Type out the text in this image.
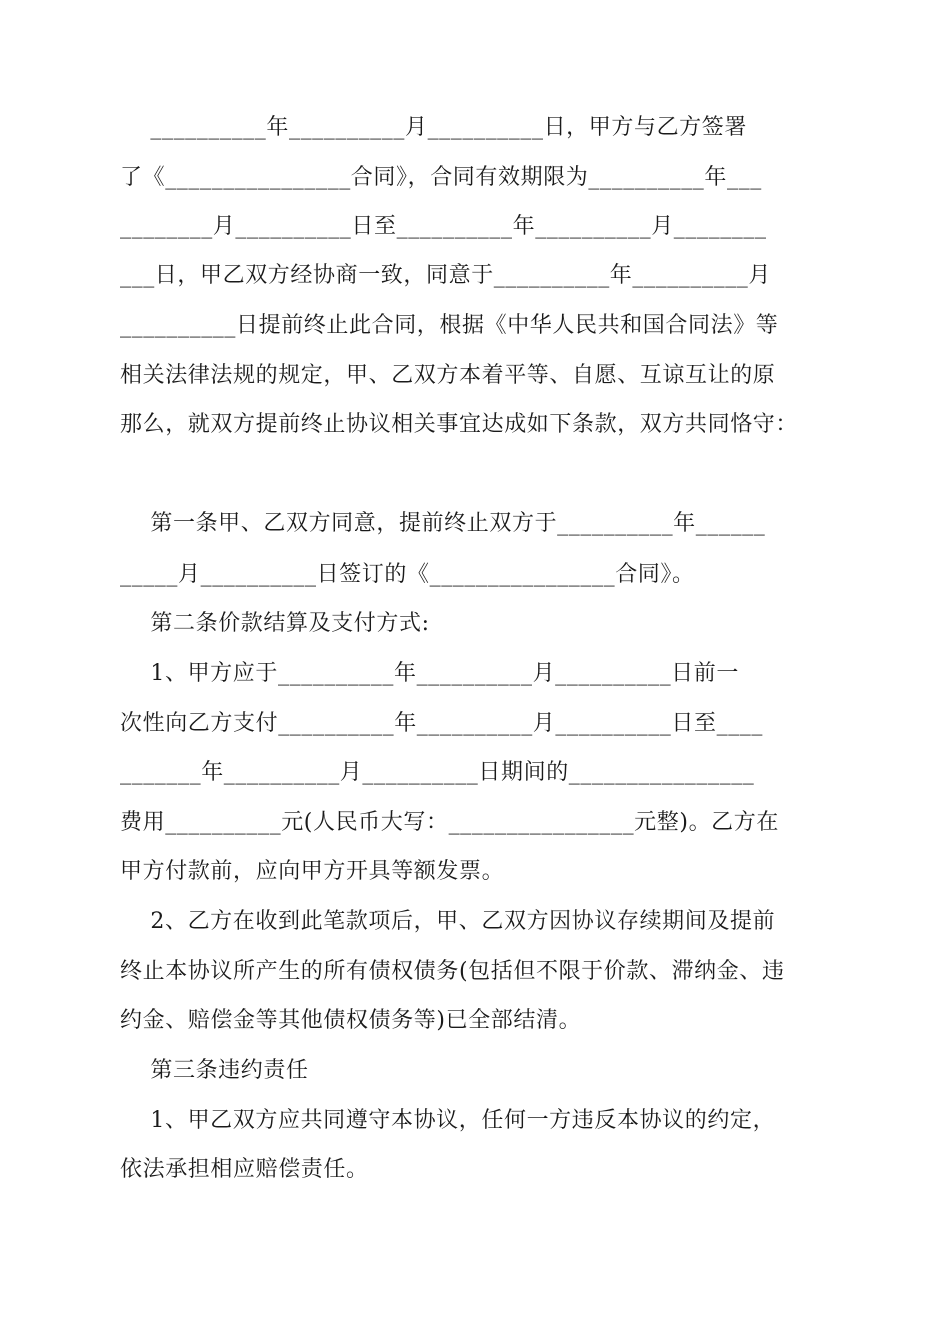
__________年__________月__________日，甲方与乙方签署
了《________________合同》，合同有效期限为__________年___
________月__________日至__________年__________月________
___日，甲乙双方经协商一致，同意于__________年__________月
__________日提前终止此合同，根据《中华人民共和国合同法》等
相关法律法规的规定，甲、乙双方本着平等、自愿、互谅互让的原
那么，就双方提前终止协议相关事宜达成如下条款，双方共同恪守：
第一条甲、乙双方同意，提前终止双方于__________年______
_____月__________日签订的《________________合同》。
第二条价款结算及支付方式:
1、甲方应于__________年__________月__________日前一
次性向乙方支付__________年__________月__________日至____
_______年__________月__________日期间的________________
费用__________元(人民币大写：________________元整)。乙方在
甲方付款前，应向甲方开具等额发票。
2、乙方在收到此笔款项后，甲、乙双方因协议存续期间及提前
终止本协议所产生的所有债权债务(包括但不限于价款、滞纳金、违
约金、赔偿金等其他债权债务等)已全部结清。
第三条违约责任
1、甲乙双方应共同遵守本协议，任何一方违反本协议的约定，
依法承担相应赔偿责任。
